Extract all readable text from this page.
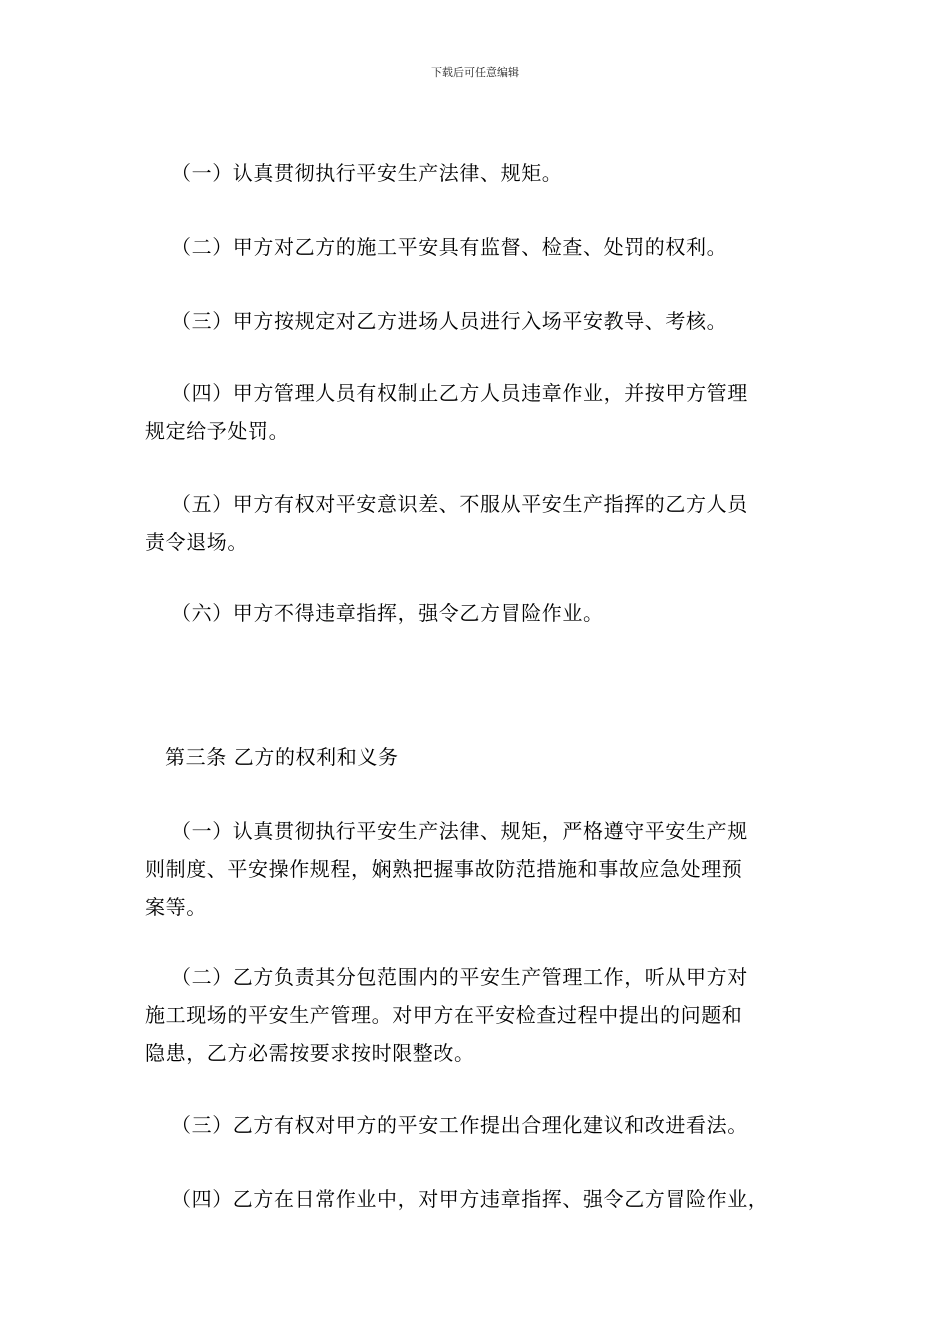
下载后可任意编辑
（一）认真贯彻执行平安生产法律、规矩。
（二）甲方对乙方的施工平安具有监督、检查、处罚的权利。
（三）甲方按规定对乙方进场人员进行入场平安教导、考核。
（四）甲方管理人员有权制止乙方人员违章作业，并按甲方管理
规定给予处罚。
（五）甲方有权对平安意识差、不服从平安生产指挥的乙方人员
责令退场。
（六）甲方不得违章指挥，强令乙方冒险作业。
第三条 乙方的权利和义务
（一）认真贯彻执行平安生产法律、规矩，严格遵守平安生产规
则制度、平安操作规程，娴熟把握事故防范措施和事故应急处理预
案等。
（二）乙方负责其分包范围内的平安生产管理工作，听从甲方对
施工现场的平安生产管理。对甲方在平安检查过程中提出的问题和
隐患，乙方必需按要求按时限整改。
（三）乙方有权对甲方的平安工作提出合理化建议和改进看法。
（四）乙方在日常作业中，对甲方违章指挥、强令乙方冒险作业，
